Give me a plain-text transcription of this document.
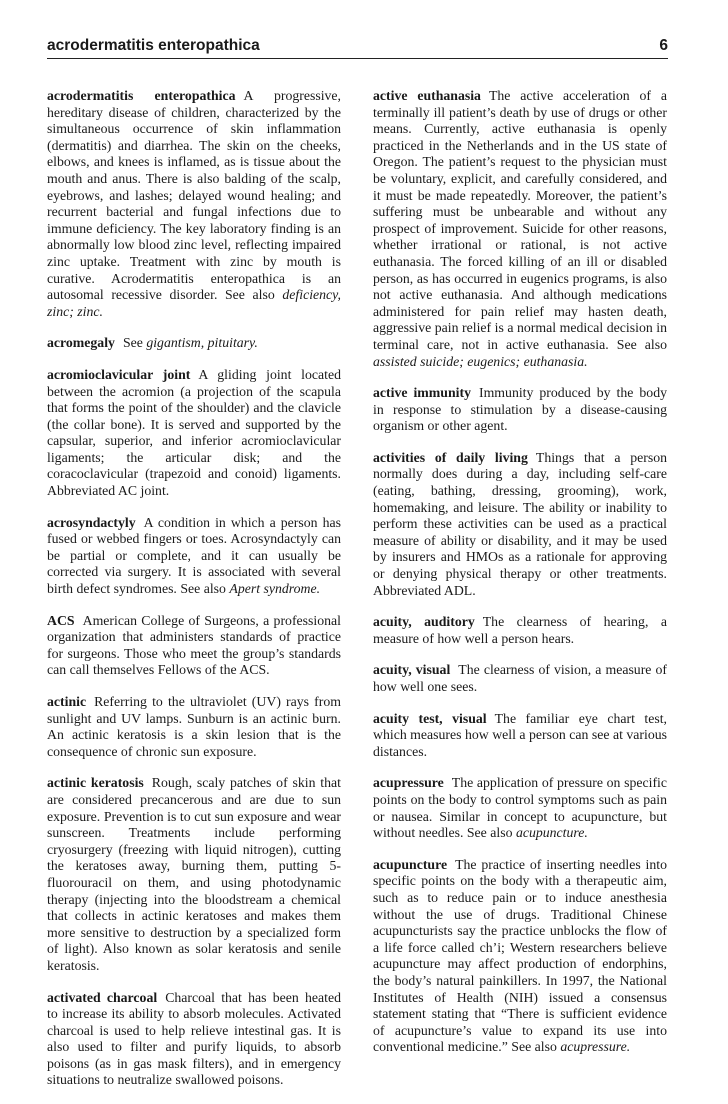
acrodermatitis enteropathica	6

acrodermatitis enteropathica A progressive, hereditary disease of children, characterized by the simultaneous occurrence of skin inflammation (dermatitis) and diarrhea. The skin on the cheeks, elbows, and knees is inflamed, as is tissue about the mouth and anus. There is also balding of the scalp, eyebrows, and lashes; delayed wound healing; and recurrent bacterial and fungal infections due to immune deficiency. The key laboratory finding is an abnormally low blood zinc level, reflecting impaired zinc uptake. Treatment with zinc by mouth is curative. Acrodermatitis enteropathica is an autosomal recessive disorder. See also deficiency, zinc; zinc.

acromegaly See gigantism, pituitary.

acromioclavicular joint A gliding joint located between the acromion (a projection of the scapula that forms the point of the shoulder) and the clavicle (the collar bone). It is served and supported by the capsular, superior, and inferior acromioclavicular ligaments; the articular disk; and the coracoclavicular (trapezoid and conoid) ligaments. Abbreviated AC joint.

acrosyndactyly A condition in which a person has fused or webbed fingers or toes. Acrosyndactyly can be partial or complete, and it can usually be corrected via surgery. It is associated with several birth defect syndromes. See also Apert syndrome.

ACS American College of Surgeons, a professional organization that administers standards of practice for surgeons. Those who meet the group’s standards can call themselves Fellows of the ACS.

actinic Referring to the ultraviolet (UV) rays from sunlight and UV lamps. Sunburn is an actinic burn. An actinic keratosis is a skin lesion that is the consequence of chronic sun exposure.

actinic keratosis Rough, scaly patches of skin that are considered precancerous and are due to sun exposure. Prevention is to cut sun exposure and wear sunscreen. Treatments include performing cryosurgery (freezing with liquid nitrogen), cutting the keratoses away, burning them, putting 5-fluorouracil on them, and using photodynamic therapy (injecting into the bloodstream a chemical that collects in actinic keratoses and makes them more sensitive to destruction by a specialized form of light). Also known as solar keratosis and senile keratosis.

activated charcoal Charcoal that has been heated to increase its ability to absorb molecules. Activated charcoal is used to help relieve intestinal gas. It is also used to filter and purify liquids, to absorb poisons (as in gas mask filters), and in emergency situations to neutralize swallowed poisons.

active euthanasia The active acceleration of a terminally ill patient’s death by use of drugs or other means. Currently, active euthanasia is openly practiced in the Netherlands and in the US state of Oregon. The patient’s request to the physician must be voluntary, explicit, and carefully considered, and it must be made repeatedly. Moreover, the patient’s suffering must be unbearable and without any prospect of improvement. Suicide for other reasons, whether irrational or rational, is not active euthanasia. The forced killing of an ill or disabled person, as has occurred in eugenics programs, is also not active euthanasia. And although medications administered for pain relief may hasten death, aggressive pain relief is a normal medical decision in terminal care, not in active euthanasia. See also assisted suicide; eugenics; euthanasia.

active immunity Immunity produced by the body in response to stimulation by a disease-causing organism or other agent.

activities of daily living Things that a person normally does during a day, including self-care (eating, bathing, dressing, grooming), work, homemaking, and leisure. The ability or inability to perform these activities can be used as a practical measure of ability or disability, and it may be used by insurers and HMOs as a rationale for approving or denying physical therapy or other treatments. Abbreviated ADL.

acuity, auditory The clearness of hearing, a measure of how well a person hears.

acuity, visual The clearness of vision, a measure of how well one sees.

acuity test, visual The familiar eye chart test, which measures how well a person can see at various distances.

acupressure The application of pressure on specific points on the body to control symptoms such as pain or nausea. Similar in concept to acupuncture, but without needles. See also acupuncture.

acupuncture The practice of inserting needles into specific points on the body with a therapeutic aim, such as to reduce pain or to induce anesthesia without the use of drugs. Traditional Chinese acupuncturists say the practice unblocks the flow of a life force called ch’i; Western researchers believe acupuncture may affect production of endorphins, the body’s natural painkillers. In 1997, the National Institutes of Health (NIH) issued a consensus statement stating that “There is sufficient evidence of acupuncture’s value to expand its use into conventional medicine.” See also acupressure.
